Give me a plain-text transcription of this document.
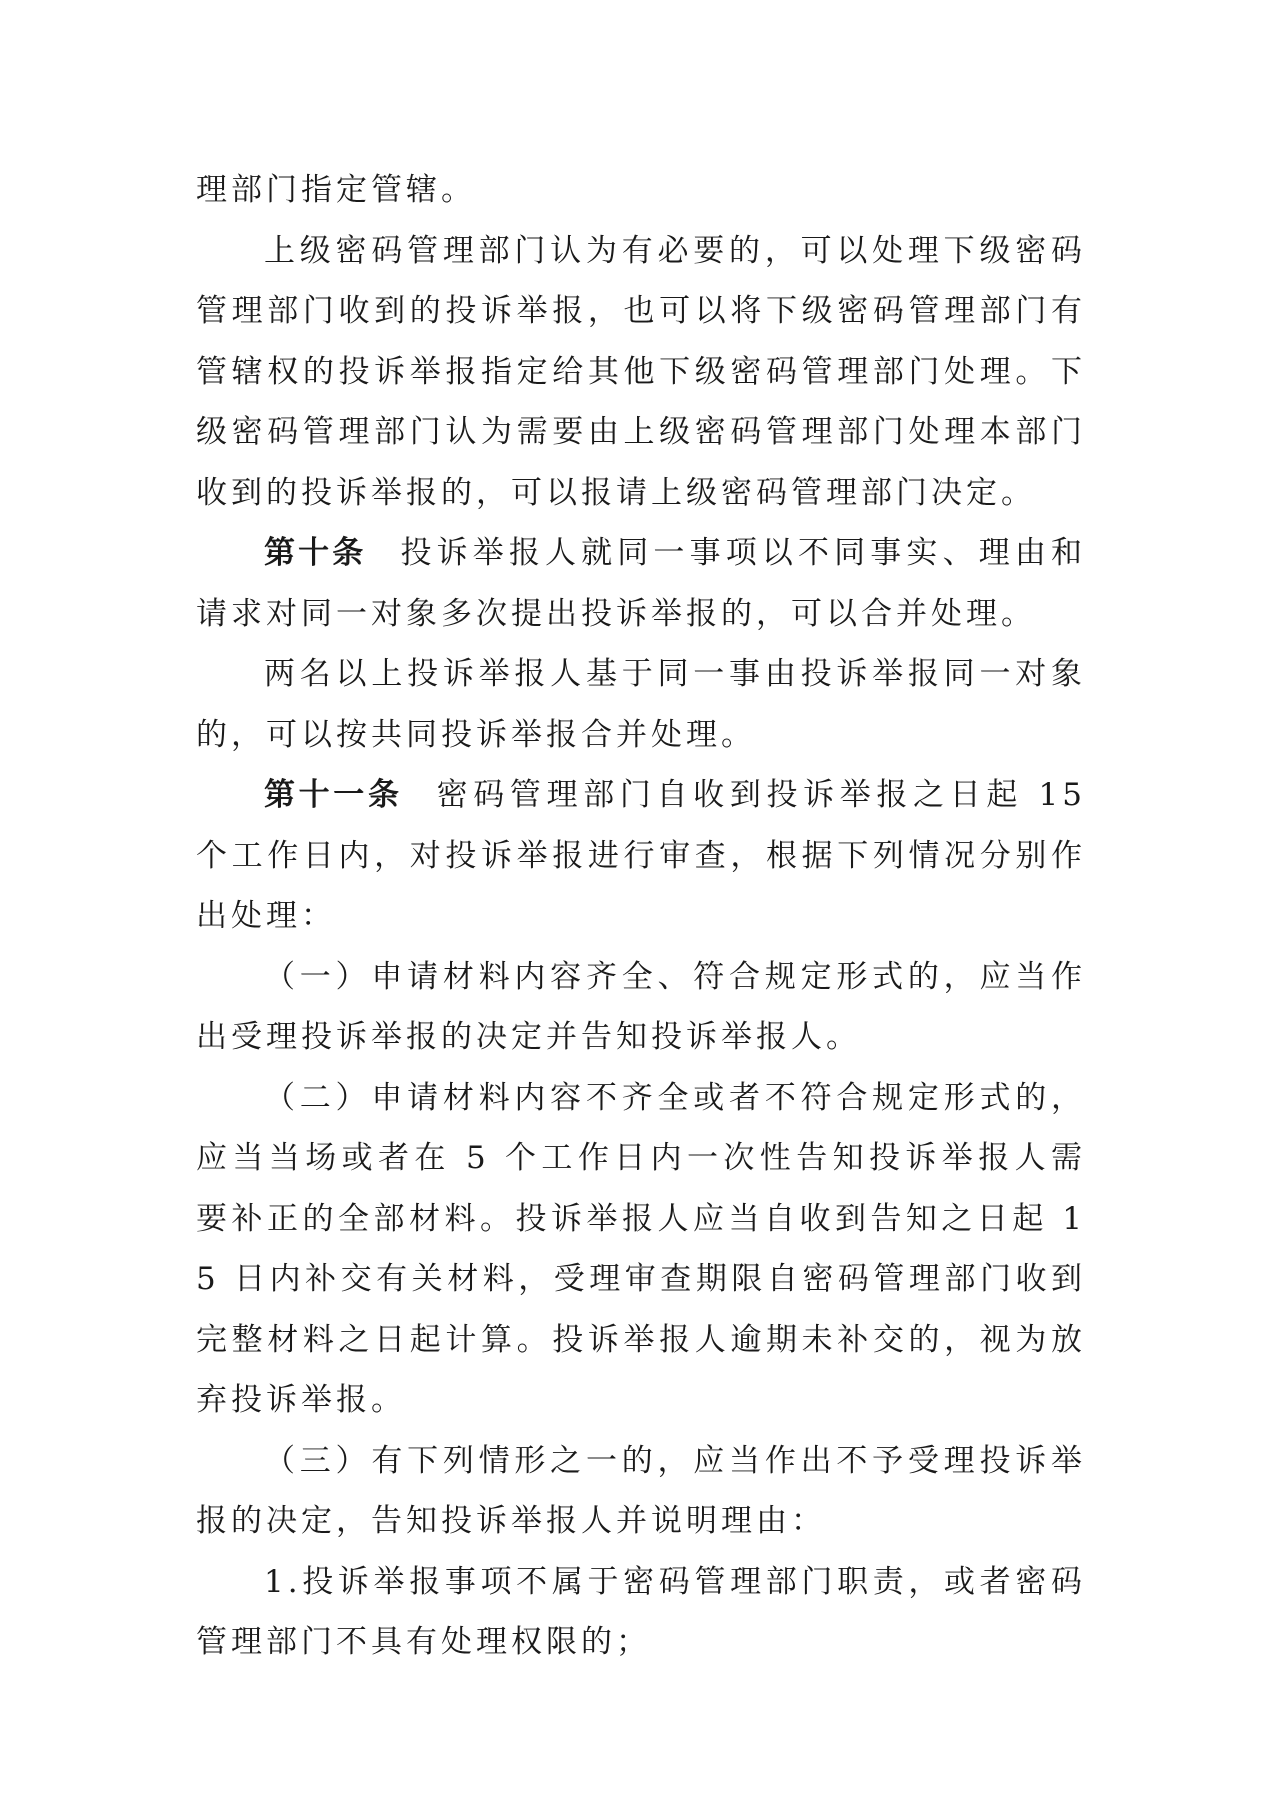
理部门指定管辖。

上级密码管理部门认为有必要的，可以处理下级密码管理部门收到的投诉举报，也可以将下级密码管理部门有管辖权的投诉举报指定给其他下级密码管理部门处理。下级密码管理部门认为需要由上级密码管理部门处理本部门收到的投诉举报的，可以报请上级密码管理部门决定。

第十条 投诉举报人就同一事项以不同事实、理由和请求对同一对象多次提出投诉举报的，可以合并处理。

两名以上投诉举报人基于同一事由投诉举报同一对象的，可以按共同投诉举报合并处理。

第十一条 密码管理部门自收到投诉举报之日起 15 个工作日内，对投诉举报进行审查，根据下列情况分别作出处理：

（一）申请材料内容齐全、符合规定形式的，应当作出受理投诉举报的决定并告知投诉举报人。

（二）申请材料内容不齐全或者不符合规定形式的，应当当场或者在 5 个工作日内一次性告知投诉举报人需要补正的全部材料。投诉举报人应当自收到告知之日起 15 日内补交有关材料，受理审查期限自密码管理部门收到完整材料之日起计算。投诉举报人逾期未补交的，视为放弃投诉举报。

（三）有下列情形之一的，应当作出不予受理投诉举报的决定，告知投诉举报人并说明理由：

1.投诉举报事项不属于密码管理部门职责，或者密码管理部门不具有处理权限的；
